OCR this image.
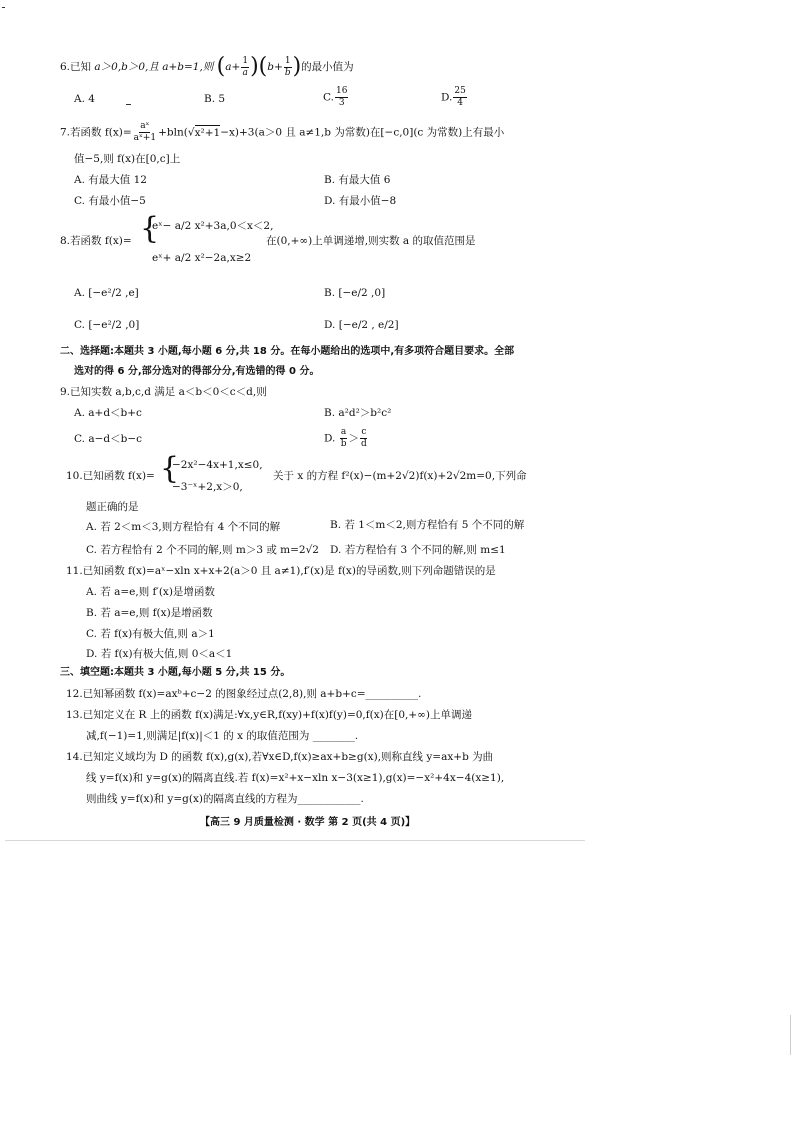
6.已知 a＞0,b＞0,且 a+b=1,则 $(a+ \frac{1}{a} )(b+ \frac{1}{b}$ )的最小值为
A. 4	B. 5	C. $\frac{16}{3}$	D. $\frac{25}{4}$
7.若函数 $f(x)= \frac{\text{aˣ}}{\text{aˣ+1}} +bln(√x^2+1-x)+3(a>0$ 且 a≠1,b 为常数)在[−c,0](c 为常数)上有最小
值−5,则 f(x)在[0,c]上
A. 有最大值 12	B. 有最大值 6
C. 有最小值−5	D. 有最小值−8
8.若函数 f(x)= {
eˣ− a/2 x²+3a,0＜x＜2,
eˣ+ a/2 x²−2a,x≥2
在(0,+∞)上单调递增,则实数 a 的取值范围是
A. [−e²/2 ,e]	B. [−e/2 ,0]
C. [−e²/2 ,0]	D. [−e/2 , e/2]
二、选择题:本题共 3 小题,每小题 6 分,共 18 分。在每小题给出的选项中,有多项符合题目要求。全部
选对的得 6 分,部分选对的得部分分,有选错的得 0 分。
9.已知实数 a,b,c,d 满足 a＜b＜0＜c＜d,则
A. a+d＜b+c	B. a²d²＞b²c²
C. a−d＜b−c	D. $\frac{a}{b} > \frac{c}{d}$
10.已知函数 f(x)= {
−2x²−4x+1,x≤0,
−3⁻ˣ+2,x＞0,
关于 x 的方程 f²(x)−(m+2√2)f(x)+2√2m=0,下列命
题正确的是
A. 若 2＜m＜3,则方程恰有 4 个不同的解	B. 若 1＜m＜2,则方程恰有 5 个不同的解
C. 若方程恰有 2 个不同的解,则 m＞3 或 m=2√2 D. 若方程恰有 3 个不同的解,则 m≤1
11.已知函数 f(x)=aˣ−xln x+x+2(a＞0 且 a≠1),f′(x)是 f(x)的导函数,则下列命题错误的是
A. 若 a=e,则 f′(x)是增函数
B. 若 a=e,则 f(x)是增函数
C. 若 f(x)有极大值,则 a＞1
D. 若 f(x)有极大值,则 0＜a＜1
三、填空题:本题共 3 小题,每小题 5 分,共 15 分。
12.已知幂函数 f(x)=axᵇ+c−2 的图象经过点(2,8),则 a+b+c=__________.
13.已知定义在 R 上的函数 f(x)满足:∀x,y∈R,f(xy)+f(x)f(y)=0,f(x)在[0,+∞)上单调递
减,f(−1)=1,则满足|f(x)|＜1 的 x 的取值范围为 ________.
14.已知定义域均为 D 的函数 f(x),g(x),若∀x∈D,f(x)≥ax+b≥g(x),则称直线 y=ax+b 为曲
线 y=f(x)和 y=g(x)的隔离直线.若 f(x)=x²+x−xln x−3(x≥1),g(x)=−x²+4x−4(x≥1),
则曲线 y=f(x)和 y=g(x)的隔离直线的方程为____________.
【高三 9 月质量检测 · 数学 第 2 页(共 4 页)】
